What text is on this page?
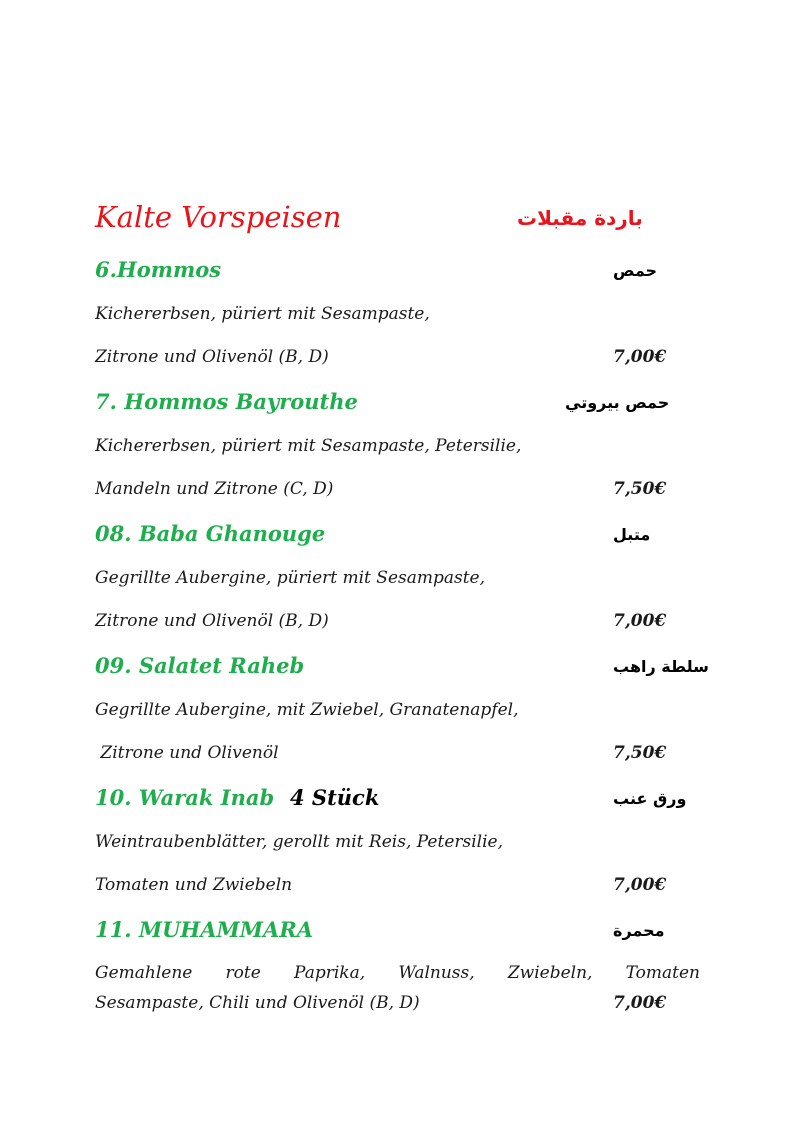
Kalte Vorspeisen	باردة مقبلات
6.Hommos	حمص
Kichererbsen, püriert mit Sesampaste,
Zitrone und Olivenöl (B, D)	7,00€
7. Hommos Bayrouthe	حمص بيروتي
Kichererbsen, püriert mit Sesampaste, Petersilie,
Mandeln und Zitrone (C, D)	7,50€
08. Baba Ghanouge	متبل
Gegrillte Aubergine, püriert mit Sesampaste,
Zitrone und Olivenöl (B, D)	7,00€
09. Salatet Raheb	سلطة راهب
Gegrillte Aubergine, mit Zwiebel, Granatenapfel,
Zitrone und Olivenöl	7,50€
10. Warak Inab 4 Stück	ورق عنب
Weintraubenblätter, gerollt mit Reis, Petersilie,
Tomaten und Zwiebeln	7,00€
11. MUHAMMARA	محمرة
Gemahlene rote Paprika, Walnuss, Zwiebeln, Tomaten
Sesampaste, Chili und Olivenöl (B, D)	7,00€
